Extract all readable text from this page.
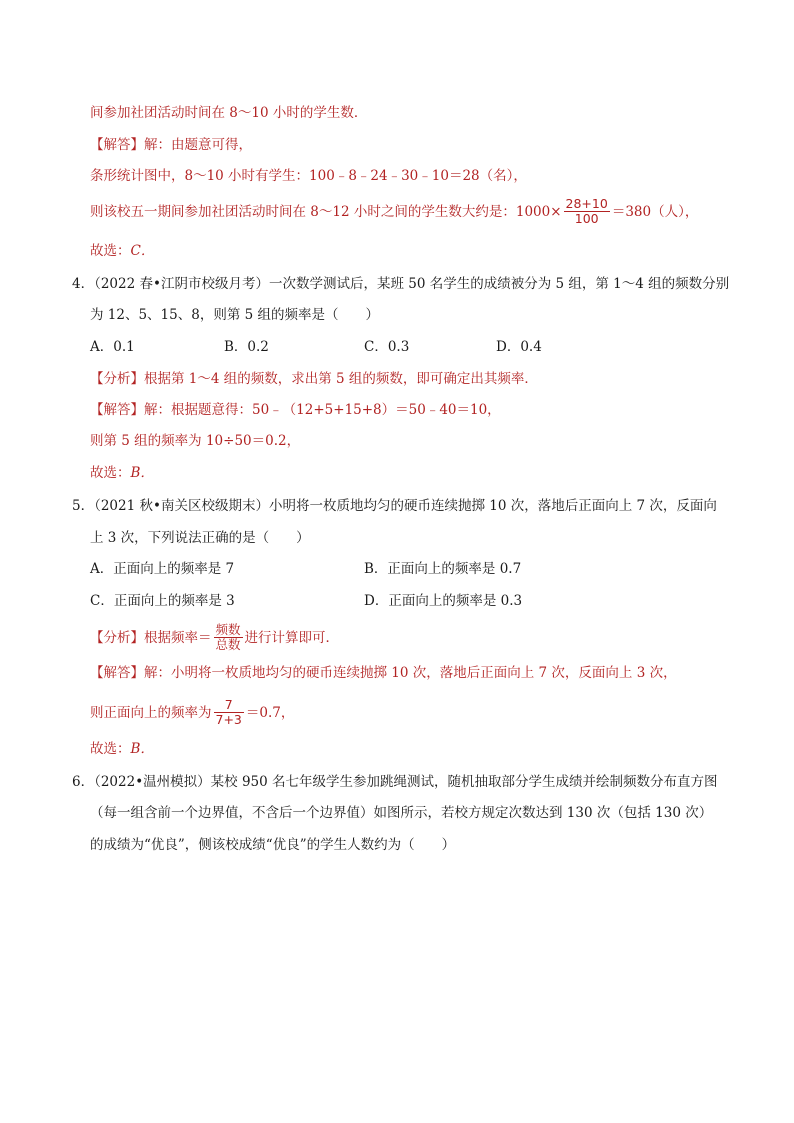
间参加社团活动时间在 8～10 小时的学生数．
【解答】解：由题意可得，
条形统计图中，8～10 小时有学生：100﹣8﹣24﹣30﹣10＝28（名），
则该校五一期间参加社团活动时间在 8～12 小时之间的学生数大约是：$1000\times \frac{28+10}{100} =380$（人），
故选：C．
4．（2022 春•江阴市校级月考）一次数学测试后，某班 50 名学生的成绩被分为 5 组，第 1～4 组的频数分别
为 12、5、15、8，则第 5 组的频率是（　　）
A．0.1	B．0.2	C．0.3	D．0.4
【分析】根据第 1～4 组的频数，求出第 5 组的频数，即可确定出其频率．
【解答】解：根据题意得：50﹣（12+5+15+8）＝50﹣40＝10，
则第 5 组的频率为 10÷50＝0.2，
故选：B．
5．（2021 秋•南关区校级期末）小明将一枚质地均匀的硬币连续抛掷 10 次，落地后正面向上 7 次，反面向
上 3 次，下列说法正确的是（　　）
A．正面向上的频率是 7	B．正面向上的频率是 0.7
C．正面向上的频率是 3	D．正面向上的频率是 0.3
【分析】根据频率＝ $\frac{\text{频数}}{\text{总数}}$ 进行计算即可．
【解答】解：小明将一枚质地均匀的硬币连续抛掷 10 次，落地后正面向上 7 次，反面向上 3 次，
则正面向上的频率为 $\frac{7}{7+3} =0.7$，
故选：B．
6．（2022•温州模拟）某校 950 名七年级学生参加跳绳测试，随机抽取部分学生成绩并绘制频数分布直方图
（每一组含前一个边界值，不含后一个边界值）如图所示，若校方规定次数达到 130 次（包括 130 次）
的成绩为“优良”，侧该校成绩“优良”的学生人数约为（　　）
